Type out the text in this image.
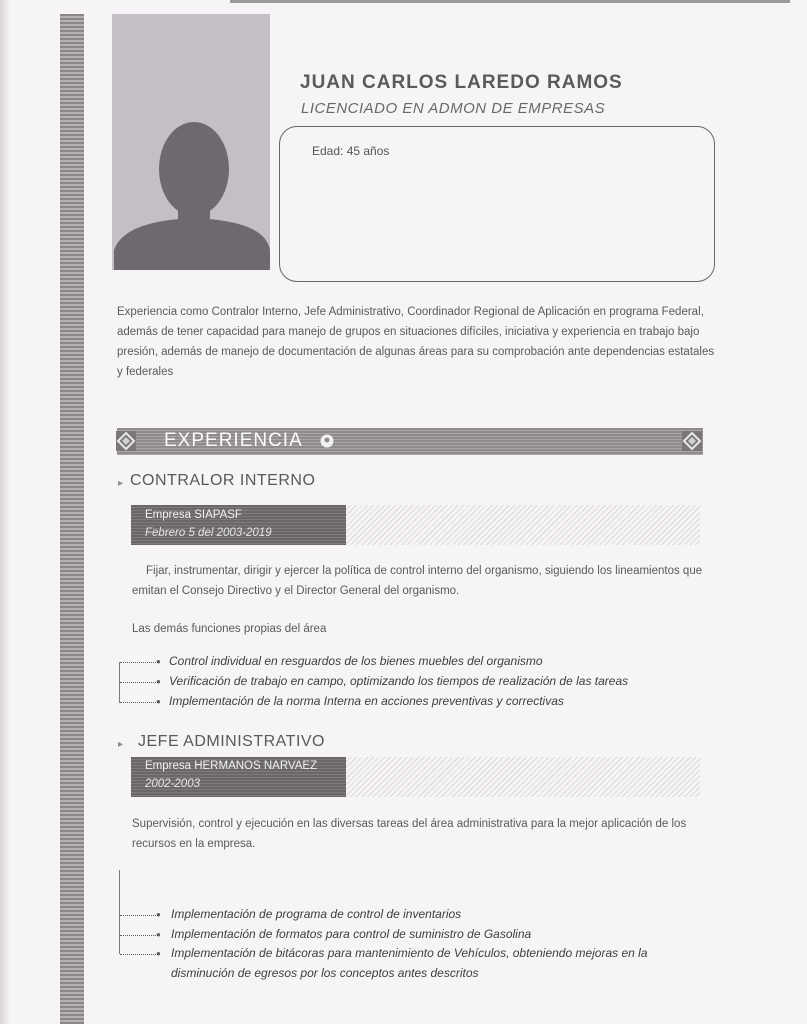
JUAN CARLOS LAREDO RAMOS
LICENCIADO EN ADMON DE EMPRESAS
Edad: 45 años

Experiencia como Contralor Interno, Jefe Administrativo, Coordinador Regional de Aplicación en programa Federal, además de tener capacidad para manejo de grupos en situaciones difíciles, iniciativa y experiencia en trabajo bajo presión, además de manejo de documentación de algunas áreas para su comprobación ante dependencias estatales y federales

EXPERIENCIA
▸ CONTRALOR INTERNO
Empresa SIAPASF
Febrero 5 del 2003-2019

Fijar, instrumentar, dirigir y ejercer la política de control interno del organismo, siguiendo los lineamientos que emitan el Consejo Directivo y el Director General del organismo.

Las demás funciones propias del área
●
●
●
Control individual en resguardos de los bienes muebles del organismo
Verificación de trabajo en campo, optimizando los tiempos de realización de las tareas
Implementación de la norma Interna en acciones preventivas y correctivas
▸ JEFE ADMINISTRATIVO
Empresa HERMANOS NARVAEZ
2002-2003

Supervisión, control y ejecución en las diversas tareas del área administrativa para la mejor aplicación de los recursos en la empresa.

●
●
●
Implementación de programa de control de inventarios
Implementación de formatos para control de suministro de Gasolina
Implementación de bitácoras para mantenimiento de Vehículos, obteniendo mejoras en la
disminución de egresos por los conceptos antes descritos
